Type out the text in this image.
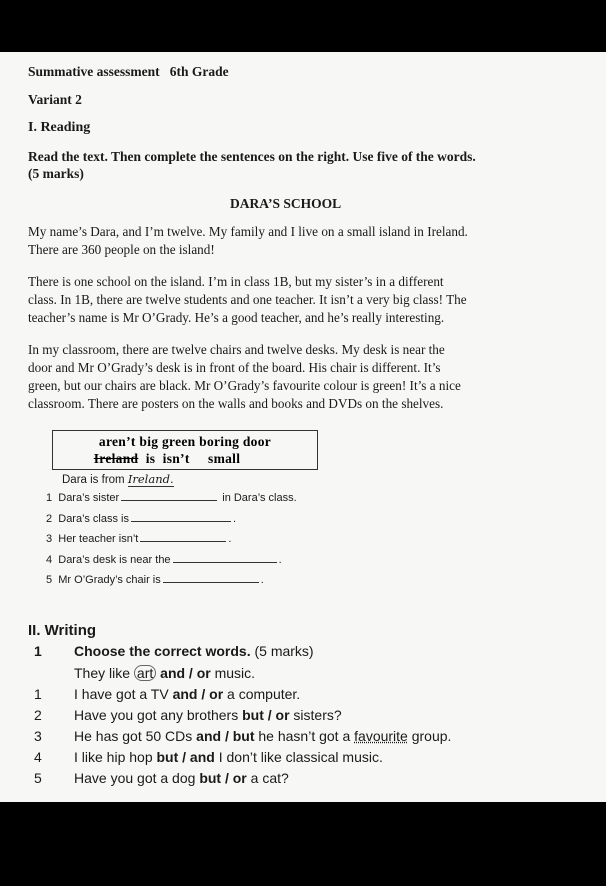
Summative assessment 6th Grade
Variant 2
I. Reading
Read the text. Then complete the sentences on the right. Use five of the words.
(5 marks)
DARA’S SCHOOL
My name’s Dara, and I’m twelve. My family and I live on a small island in Ireland.
There are 360 people on the island!
There is one school on the island. I’m in class 1B, but my sister’s in a different
class. In 1B, there are twelve students and one teacher. It isn’t a very big class! The
teacher’s name is Mr O’Grady. He’s a good teacher, and he’s really interesting.
In my classroom, there are twelve chairs and twelve desks. My desk is near the
door and Mr O’Grady’s desk is in front of the board. His chair is different. It’s
green, but our chairs are black. Mr O’Grady’s favourite colour is green! It’s a nice
classroom. There are posters on the walls and books and DVDs on the shelves.
aren’t big green boring door
Ireland  is  isn’t     small
Dara is from Ireland.
1 Dara’s sister	in Dara’s class.
2 Dara’s class is	.
3 Her teacher isn’t	.
4 Dara’s desk is near the	.
5 Mr O’Grady’s chair is	.
II. Writing
1 Choose the correct words. (5 marks)
They like art and / or music.
1 I have got a TV and / or a computer.
2 Have you got any brothers but / or sisters?
3 He has got 50 CDs and / but he hasn’t got a favourite group.
4 I like hip hop but / and I don’t like classical music.
5 Have you got a dog but / or a cat?
